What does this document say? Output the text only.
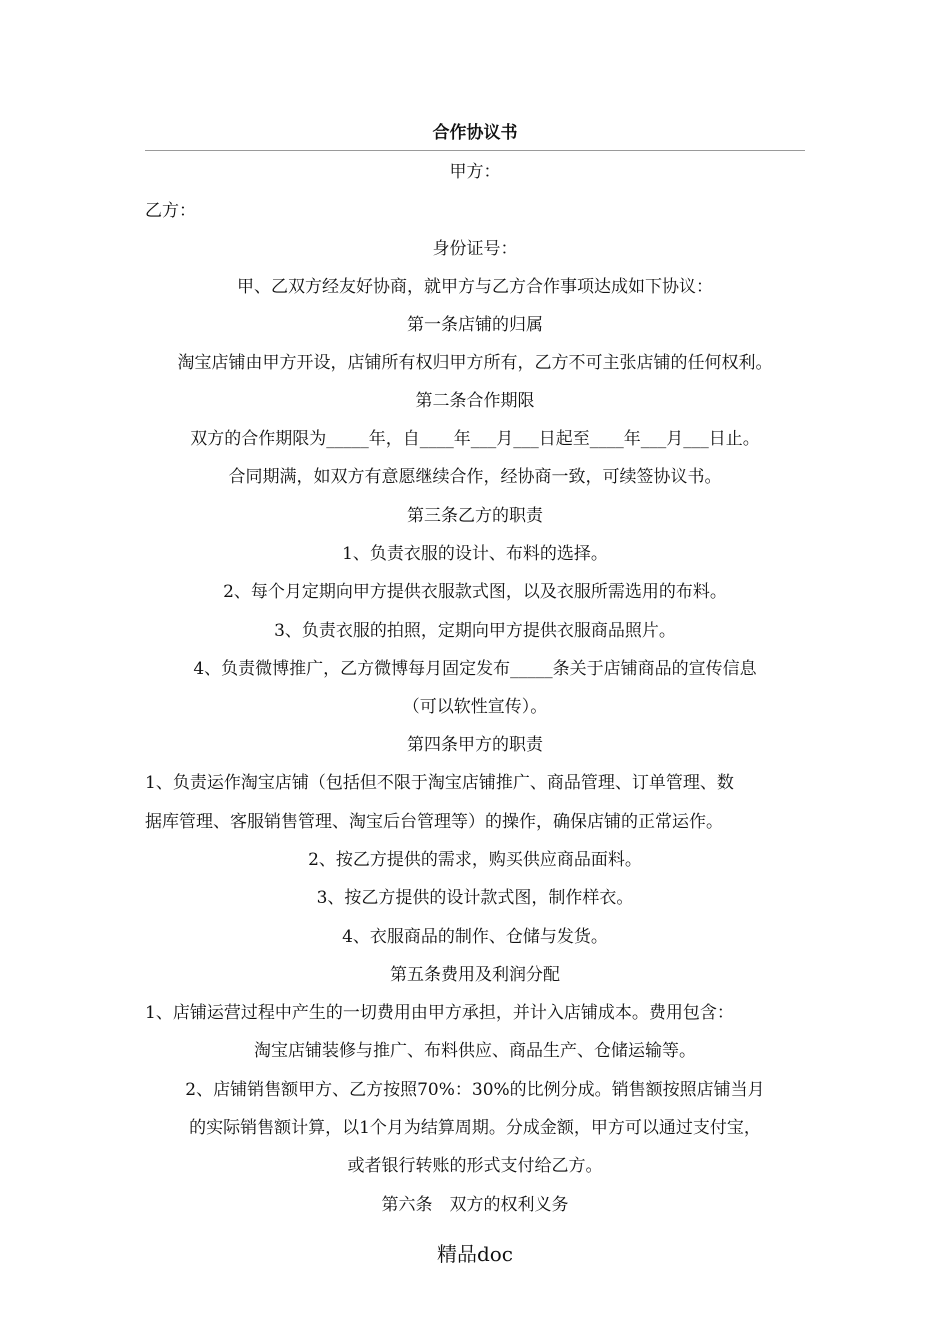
合作协议书
甲方：
乙方：
身份证号：
甲、乙双方经友好协商，就甲方与乙方合作事项达成如下协议：
第一条店铺的归属
淘宝店铺由甲方开设，店铺所有权归甲方所有，乙方不可主张店铺的任何权利。
第二条合作期限
双方的合作期限为_____年，自____年___月___日起至____年___月___日止。
合同期满，如双方有意愿继续合作，经协商一致，可续签协议书。
第三条乙方的职责
1、负责衣服的设计、布料的选择。
2、每个月定期向甲方提供衣服款式图，以及衣服所需选用的布料。
3、负责衣服的拍照，定期向甲方提供衣服商品照片。
4、负责微博推广，乙方微博每月固定发布_____条关于店铺商品的宣传信息
（可以软性宣传）。
第四条甲方的职责
1、负责运作淘宝店铺（包括但不限于淘宝店铺推广、商品管理、订单管理、数
据库管理、客服销售管理、淘宝后台管理等）的操作，确保店铺的正常运作。
2、按乙方提供的需求，购买供应商品面料。
3、按乙方提供的设计款式图，制作样衣。
4、衣服商品的制作、仓储与发货。
第五条费用及利润分配
1、店铺运营过程中产生的一切费用由甲方承担，并计入店铺成本。费用包含：
淘宝店铺装修与推广、布料供应、商品生产、仓储运输等。
2、店铺销售额甲方、乙方按照70%：30%的比例分成。销售额按照店铺当月
的实际销售额计算，以1个月为结算周期。分成金额，甲方可以通过支付宝，
或者银行转账的形式支付给乙方。
第六条　双方的权利义务
精品doc
